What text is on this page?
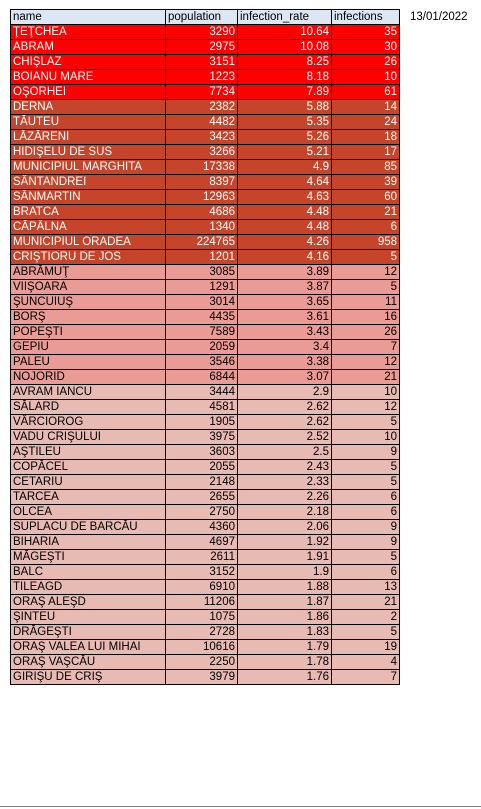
name	population	infection_rate	infections
ŢEŢCHEA	3290	10.64	35
ABRAM	2975	10.08	30
CHIŞLAZ	3151	8.25	26
BOIANU MARE	1223	8.18	10
OŞORHEI	7734	7.89	61
DERNA	2382	5.88	14
TĂUTEU	4482	5.35	24
LĂZĂRENI	3423	5.26	18
HIDIŞELU DE SUS	3266	5.21	17
MUNICIPIUL MARGHITA	17338	4.9	85
SÂNTANDREI	8397	4.64	39
SÂNMARTIN	12963	4.63	60
BRATCA	4686	4.48	21
CĂPÂLNA	1340	4.48	6
MUNICIPIUL ORADEA	224765	4.26	958
CRIŞTIORU DE JOS	1201	4.16	5
ABRĂMUŢ	3085	3.89	12
VIIŞOARA	1291	3.87	5
ŞUNCUIUŞ	3014	3.65	11
BORŞ	4435	3.61	16
POPEŞTI	7589	3.43	26
GEPIU	2059	3.4	7
PALEU	3546	3.38	12
NOJORID	6844	3.07	21
AVRAM IANCU	3444	2.9	10
SĂLARD	4581	2.62	12
VÂRCIOROG	1905	2.62	5
VADU CRIŞULUI	3975	2.52	10
AŞTILEU	3603	2.5	9
COPĂCEL	2055	2.43	5
CETARIU	2148	2.33	5
TARCEA	2655	2.26	6
OLCEA	2750	2.18	6
SUPLACU DE BARCĂU	4360	2.06	9
BIHARIA	4697	1.92	9
MĂGEŞTI	2611	1.91	5
BALC	3152	1.9	6
TILEAGD	6910	1.88	13
ORAŞ ALEŞD	11206	1.87	21
ŞINTEU	1075	1.86	2
DRĂGEŞTI	2728	1.83	5
ORAŞ VALEA LUI MIHAI	10616	1.79	19
ORAŞ VAŞCĂU	2250	1.78	4
GIRIŞU DE CRIŞ	3979	1.76	7
13/01/2022
